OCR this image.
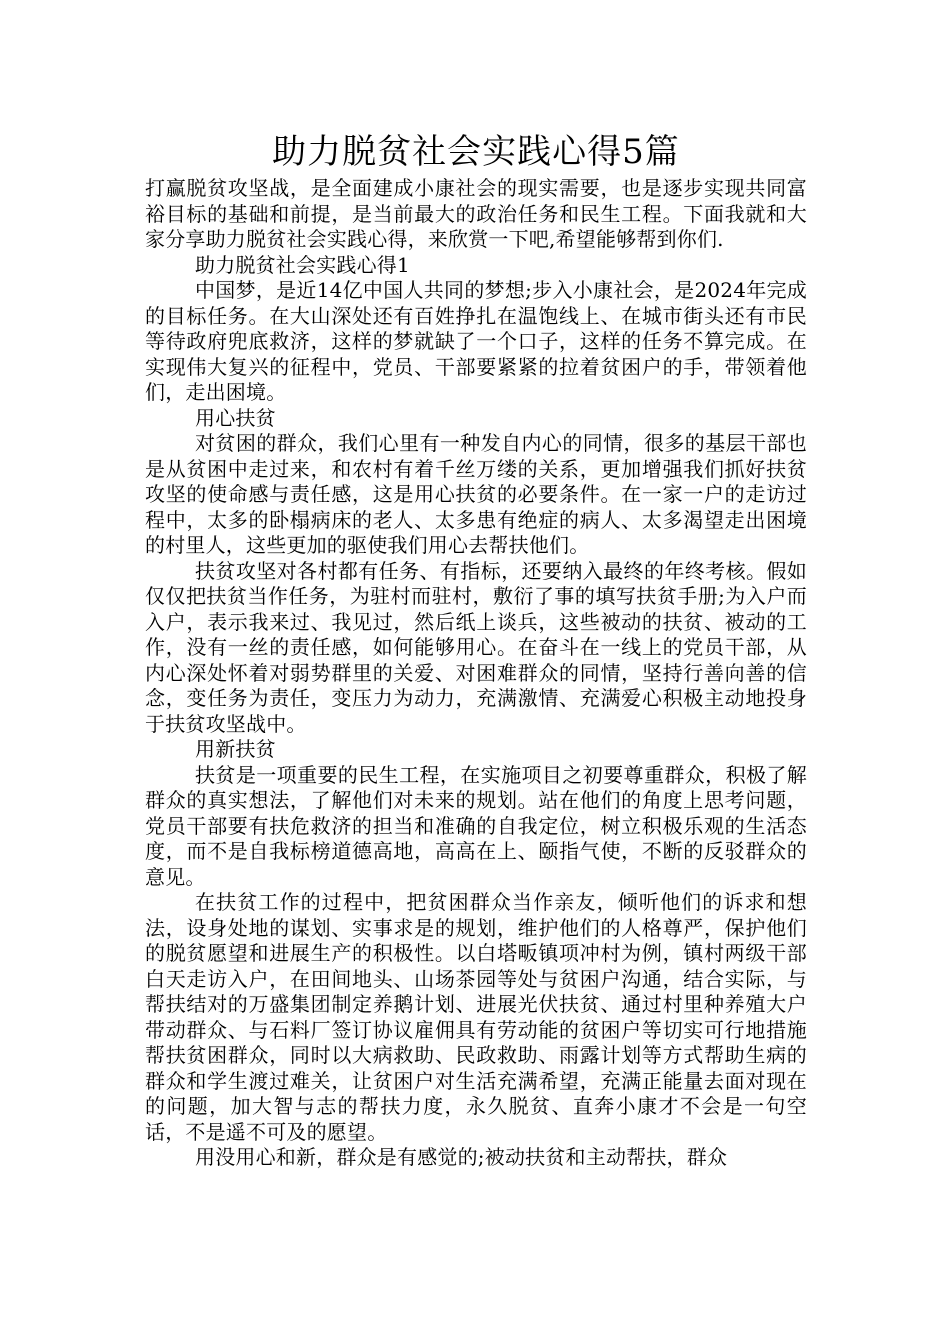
助力脱贫社会实践心得5篇

打赢脱贫攻坚战，是全面建成小康社会的现实需要，也是逐步实现共同富裕目标的基础和前提，是当前最大的政治任务和民生工程。下面我就和大家分享助力脱贫社会实践心得，来欣赏一下吧,希望能够帮到你们.

助力脱贫社会实践心得1

中国梦，是近14亿中国人共同的梦想;步入小康社会，是2024年完成的目标任务。在大山深处还有百姓挣扎在温饱线上、在城市街头还有市民等待政府兜底救济，这样的梦就缺了一个口子，这样的任务不算完成。在实现伟大复兴的征程中，党员、干部要紧紧的拉着贫困户的手，带领着他们，走出困境。

用心扶贫

对贫困的群众，我们心里有一种发自内心的同情，很多的基层干部也是从贫困中走过来，和农村有着千丝万缕的关系，更加增强我们抓好扶贫攻坚的使命感与责任感，这是用心扶贫的必要条件。在一家一户的走访过程中，太多的卧榻病床的老人、太多患有绝症的病人、太多渴望走出困境的村里人，这些更加的驱使我们用心去帮扶他们。

扶贫攻坚对各村都有任务、有指标，还要纳入最终的年终考核。假如仅仅把扶贫当作任务，为驻村而驻村，敷衍了事的填写扶贫手册;为入户而入户，表示我来过、我见过，然后纸上谈兵，这些被动的扶贫、被动的工作，没有一丝的责任感，如何能够用心。在奋斗在一线上的党员干部，从内心深处怀着对弱势群里的关爱、对困难群众的同情，坚持行善向善的信念，变任务为责任，变压力为动力，充满激情、充满爱心积极主动地投身于扶贫攻坚战中。

用新扶贫

扶贫是一项重要的民生工程，在实施项目之初要尊重群众，积极了解群众的真实想法，了解他们对未来的规划。站在他们的角度上思考问题，党员干部要有扶危救济的担当和准确的自我定位，树立积极乐观的生活态度，而不是自我标榜道德高地，高高在上、颐指气使，不断的反驳群众的意见。

在扶贫工作的过程中，把贫困群众当作亲友，倾听他们的诉求和想法，设身处地的谋划、实事求是的规划，维护他们的人格尊严，保护他们的脱贫愿望和进展生产的积极性。以白塔畈镇项冲村为例，镇村两级干部白天走访入户，在田间地头、山场茶园等处与贫困户沟通，结合实际，与帮扶结对的万盛集团制定养鹅计划、进展光伏扶贫、通过村里种养殖大户带动群众、与石料厂签订协议雇佣具有劳动能的贫困户等切实可行地措施帮扶贫困群众，同时以大病救助、民政救助、雨露计划等方式帮助生病的群众和学生渡过难关，让贫困户对生活充满希望，充满正能量去面对现在的问题，加大智与志的帮扶力度，永久脱贫、直奔小康才不会是一句空话，不是遥不可及的愿望。

用没用心和新，群众是有感觉的;被动扶贫和主动帮扶，群众
